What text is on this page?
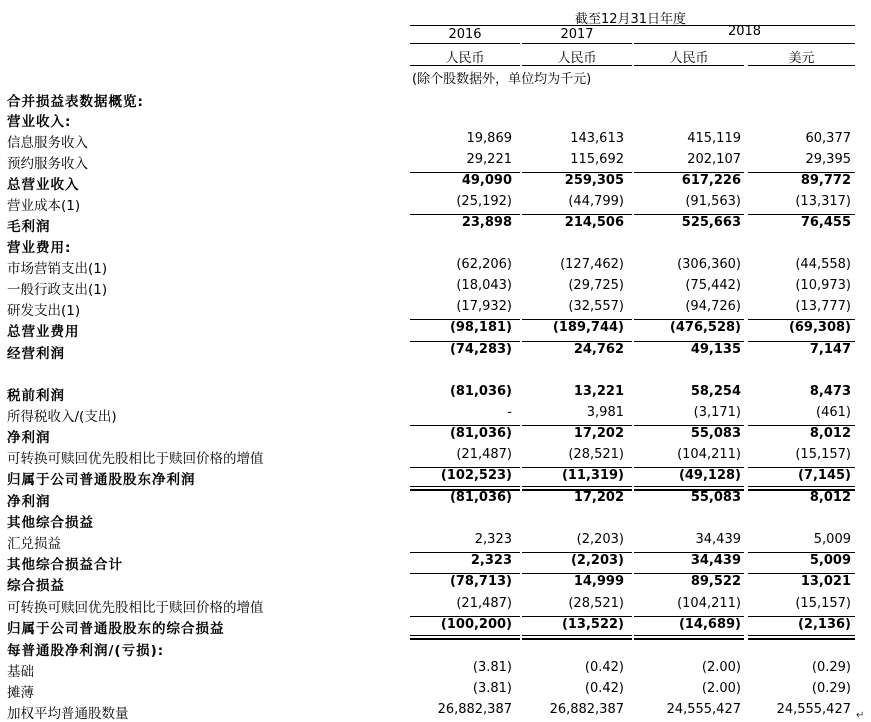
截至12月31日年度
2016	2017	2018
人民币	人民币	人民币	美元
(除个股数据外，单位均为千元)
合并损益表数据概览:
营业收入:
信息服务收入	19,869	143,613	415,119	60,377
预约服务收入	29,221	115,692	202,107	29,395
总营业收入	49,090	259,305	617,226	89,772
营业成本(1)	(25,192)	(44,799)	(91,563)	(13,317)
毛利润	23,898	214,506	525,663	76,455
营业费用:
市场营销支出(1)	(62,206)	(127,462)	(306,360)	(44,558)
一般行政支出(1)	(18,043)	(29,725)	(75,442)	(10,973)
研发支出(1)	(17,932)	(32,557)	(94,726)	(13,777)
总营业费用	(98,181)	(189,744)	(476,528)	(69,308)
经营利润	(74,283)	24,762	49,135	7,147
税前利润	(81,036)	13,221	58,254	8,473
所得税收入/(支出)	-	3,981	(3,171)	(461)
净利润	(81,036)	17,202	55,083	8,012
可转换可赎回优先股相比于赎回价格的增值	(21,487)	(28,521)	(104,211)	(15,157)
归属于公司普通股股东净利润	(102,523)	(11,319)	(49,128)	(7,145)
净利润	(81,036)	17,202	55,083	8,012
其他综合损益
汇兑损益	2,323	(2,203)	34,439	5,009
其他综合损益合计	2,323	(2,203)	34,439	5,009
综合损益	(78,713)	14,999	89,522	13,021
可转换可赎回优先股相比于赎回价格的增值	(21,487)	(28,521)	(104,211)	(15,157)
归属于公司普通股股东的综合损益	(100,200)	(13,522)	(14,689)	(2,136)
每普通股净利润/(亏损):
基础	(3.81)	(0.42)	(2.00)	(0.29)
摊薄	(3.81)	(0.42)	(2.00)	(0.29)
加权平均普通股数量	26,882,387	26,882,387	24,555,427	24,555,427 ↵
